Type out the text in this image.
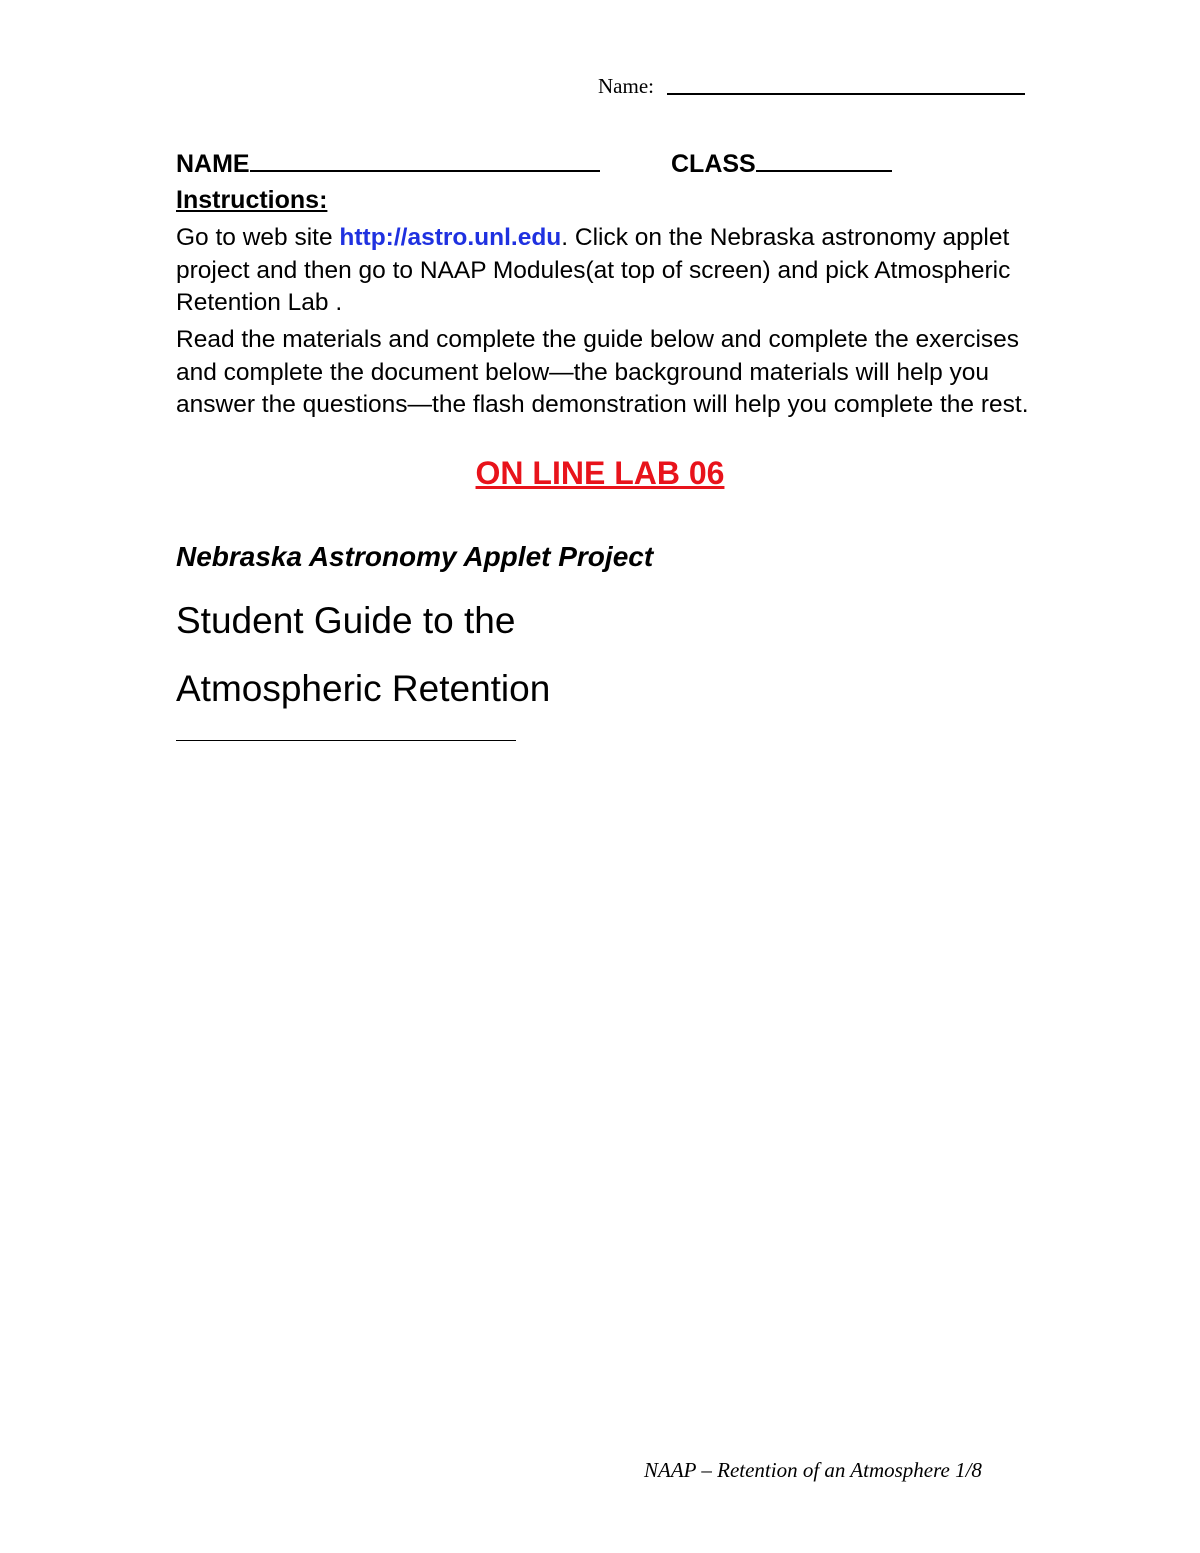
Name:
NAME	CLASS
Instructions:

Go to web site http://astro.unl.edu. Click on the Nebraska astronomy applet project and then go to NAAP Modules(at top of screen) and pick Atmospheric Retention Lab .

Read the materials and complete the guide below and complete the exercises and complete the document below—the background materials will help you answer the questions—the flash demonstration will help you complete the rest.

ON LINE LAB 06
Nebraska Astronomy Applet Project
Student Guide to the
Atmospheric Retention
NAAP – Retention of an Atmosphere 1/8
